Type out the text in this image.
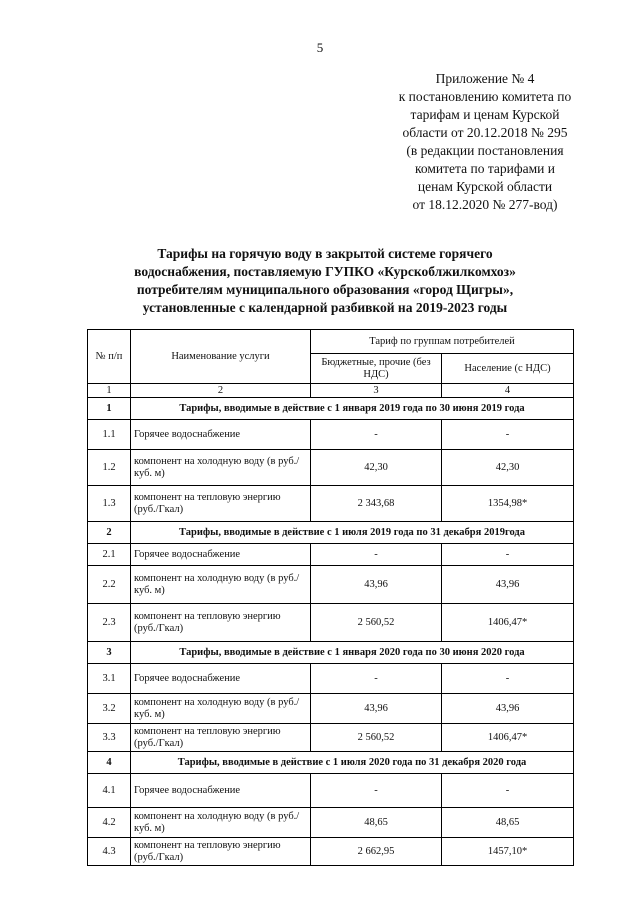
5
Приложение № 4
к постановлению комитета по
тарифам и ценам Курской
области от 20.12.2018 № 295
(в редакции постановления
комитета по тарифами и
ценам Курской области
от 18.12.2020 № 277-вод)
Тарифы на горячую воду в закрытой системе горячего
водоснабжения, поставляемую ГУПКО «Курскоблжилкомхоз»
потребителям муниципального образования «город Щигры»,
установленные с календарной разбивкой на 2019-2023 годы
№ п/п	Наименование услуги	Тариф по группам потребителей	
		Бюджетные, прочие (без НДС)	Население (с НДС)
1	2	3	4
1	Тарифы, вводимые в действие с 1 января 2019 года по 30 июня 2019 года		
1.1	Горячее водоснабжение	-	-
1.2	компонент на холодную воду (в руб./куб. м)	42,30	42,30
1.3	компонент на тепловую энергию (руб./Гкал)	2 343,68	1354,98*
2	Тарифы, вводимые в действие с 1 июля 2019 года по 31 декабря 2019года		
2.1	Горячее водоснабжение	-	-
2.2	компонент на холодную воду (в руб./куб. м)	43,96	43,96
2.3	компонент на тепловую энергию (руб./Гкал)	2 560,52	1406,47*
3	Тарифы, вводимые в действие с 1 января 2020 года по 30 июня 2020 года		
3.1	Горячее водоснабжение	-	-
3.2	компонент на холодную воду (в руб./куб. м)	43,96	43,96
3.3	компонент на тепловую энергию (руб./Гкал)	2 560,52	1406,47*
4	Тарифы, вводимые в действие с 1 июля 2020 года по 31 декабря 2020 года		
4.1	Горячее водоснабжение	-	-
4.2	компонент на холодную воду (в руб./куб. м)	48,65	48,65
4.3	компонент на тепловую энергию (руб./Гкал)	2 662,95	1457,10*
